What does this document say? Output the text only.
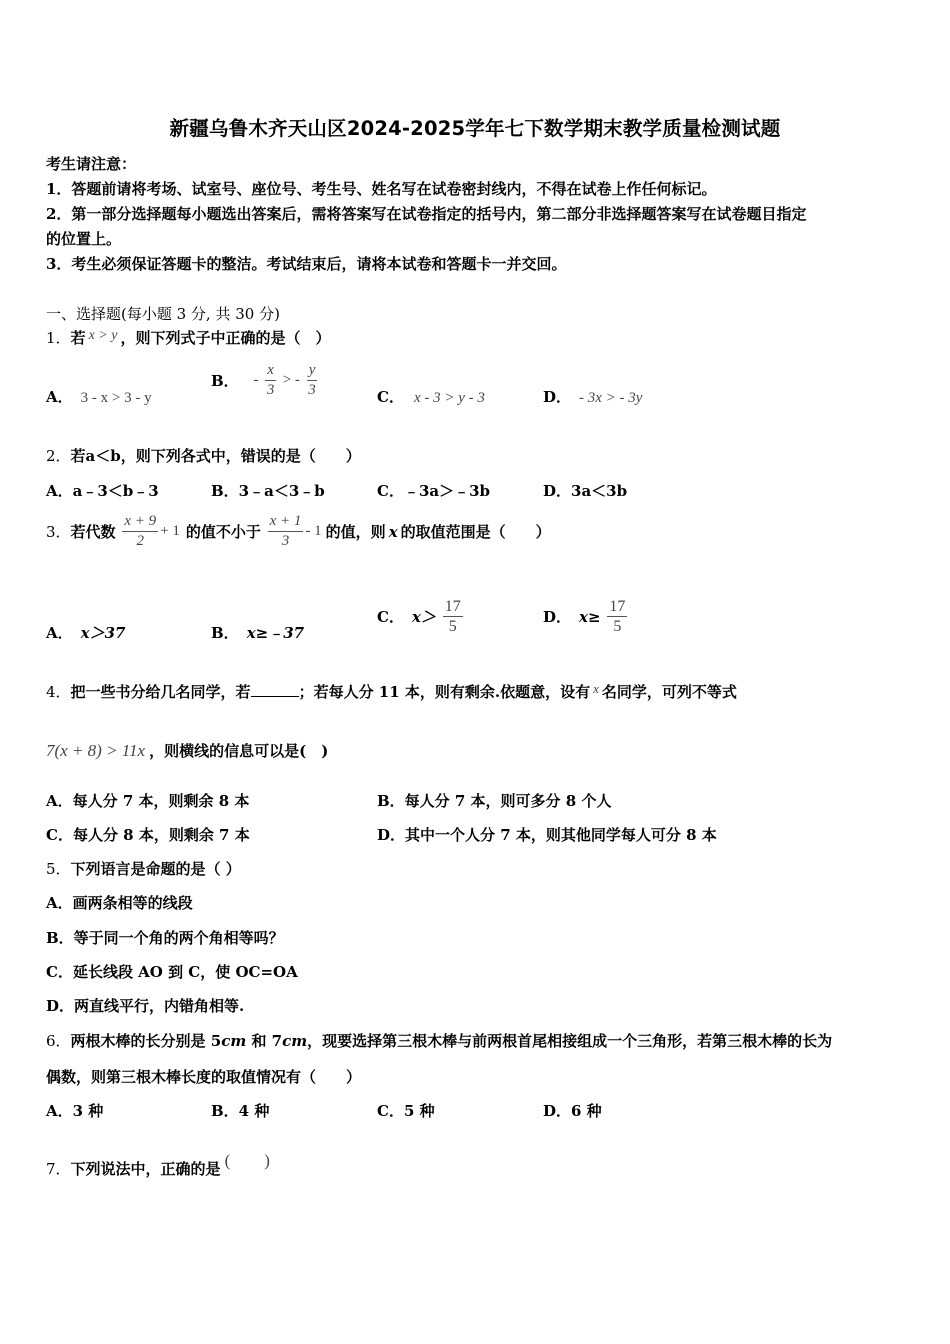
新疆乌鲁木齐天山区2024-2025学年七下数学期末教学质量检测试题
考生请注意：
1．答题前请将考场、试室号、座位号、考生号、姓名写在试卷密封线内，不得在试卷上作任何标记。
2．第一部分选择题每小题选出答案后，需将答案写在试卷指定的括号内，第二部分非选择题答案写在试卷题目指定
的位置上。
3．考生必须保证答题卡的整洁。考试结束后，请将本试卷和答题卡一并交回。
一、选择题(每小题 3 分, 共 30 分)
1．若 x > y ，则下列式子中正确的是（　）
A． 3 - x > 3 - y
B． - $\frac{x}{3}$ > - $\frac{y}{3}$	C． x - 3 > y - 3	D． - 3x > - 3y
2．若a＜b，则下列各式中，错误的是（　　）
A．a﹣3＜b﹣3	B．3﹣a＜3﹣b	C．﹣3a＞﹣3b	D．3a＜3b
3．若代数 $\frac{x + 9}{2} + 1$ 的值不小于 $\frac{x + 1}{3} - 1$ 的值，则 x 的取值范围是（　　）
A． x＞37	B． x≥﹣37
C． $x> \frac{17}{5}$	D． $x\ge \frac{17}{5}$
4．把一些书分给几名同学，若	；若每人分 11 本，则有剩余.依题意，设有 x 名同学，可列不等式
7(x + 8) > 11x ，则横线的信息可以是(　)
A．每人分 7 本，则剩余 8 本	B．每人分 7 本，则可多分 8 个人
C．每人分 8 本，则剩余 7 本	D．其中一个人分 7 本，则其他同学每人可分 8 本
5．下列语言是命题的是（ ）
A．画两条相等的线段
B．等于同一个角的两个角相等吗？
C．延长线段 AO 到 C，使 OC=OA
D．两直线平行，内错角相等.
6．两根木棒的长分别是 5cm 和 7cm，现要选择第三根木棒与前两根首尾相接组成一个三角形，若第三根木棒的长为
偶数，则第三根木棒长度的取值情况有（　　）
A．3 种	B．4 种	C．5 种	D．6 种
7．下列说法中，正确的是 (　　)
